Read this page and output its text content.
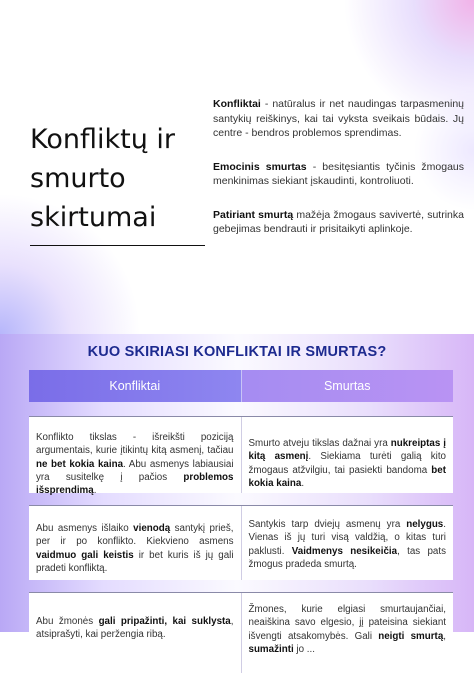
Konfliktų ir smurto skirtumai

Konfliktai - natūralus ir net naudingas tarpasmeninų santykių reiškinys, kai tai vyksta sveikais būdais. Jų centre - bendros problemos sprendimas.

Emocinis smurtas - besitęsiantis tyčinis žmogaus menkinimas siekiant įskaudinti, kontroliuoti.

Patiriant smurtą mažėja žmogaus savivertė, sutrinka gebejimas bendrauti ir prisitaikyti aplinkoje.

KUO SKIRIASI KONFLIKTAI IR SMURTAS?
Konfliktai	Smurtas
Konflikto tikslas - išreikšti poziciją argumentais, kurie įtikintų kitą asmenį, tačiau ne bet kokia kaina. Abu asmenys labiausiai yra susitelkę į pačios problemos išsprendimą.
Smurto atveju tikslas dažnai yra nukreiptas į kitą asmenį. Siekiama turėti galią kito žmogaus atžvilgiu, tai pasiekti bandoma bet kokia kaina.
Abu asmenys išlaiko vienodą santykį prieš, per ir po konflikto. Kiekvieno asmens vaidmuo gali keistis ir bet kuris iš jų gali pradeti konfliktą.
Santykis tarp dviejų asmenų yra nelygus. Vienas iš jų turi visą valdžią, o kitas turi paklusti. Vaidmenys nesikeičia, tas pats žmogus pradeda smurtą.
Abu žmonės gali pripažinti, kai suklysta, atsiprašyti, kai peržengia ribą.
Žmones, kurie elgiasi smurtaujančiai, neaiškina savo elgesio, jį pateisina siekiant išvengti atsakomybės. Gali neigti smurtą, sumažinti jo ...
